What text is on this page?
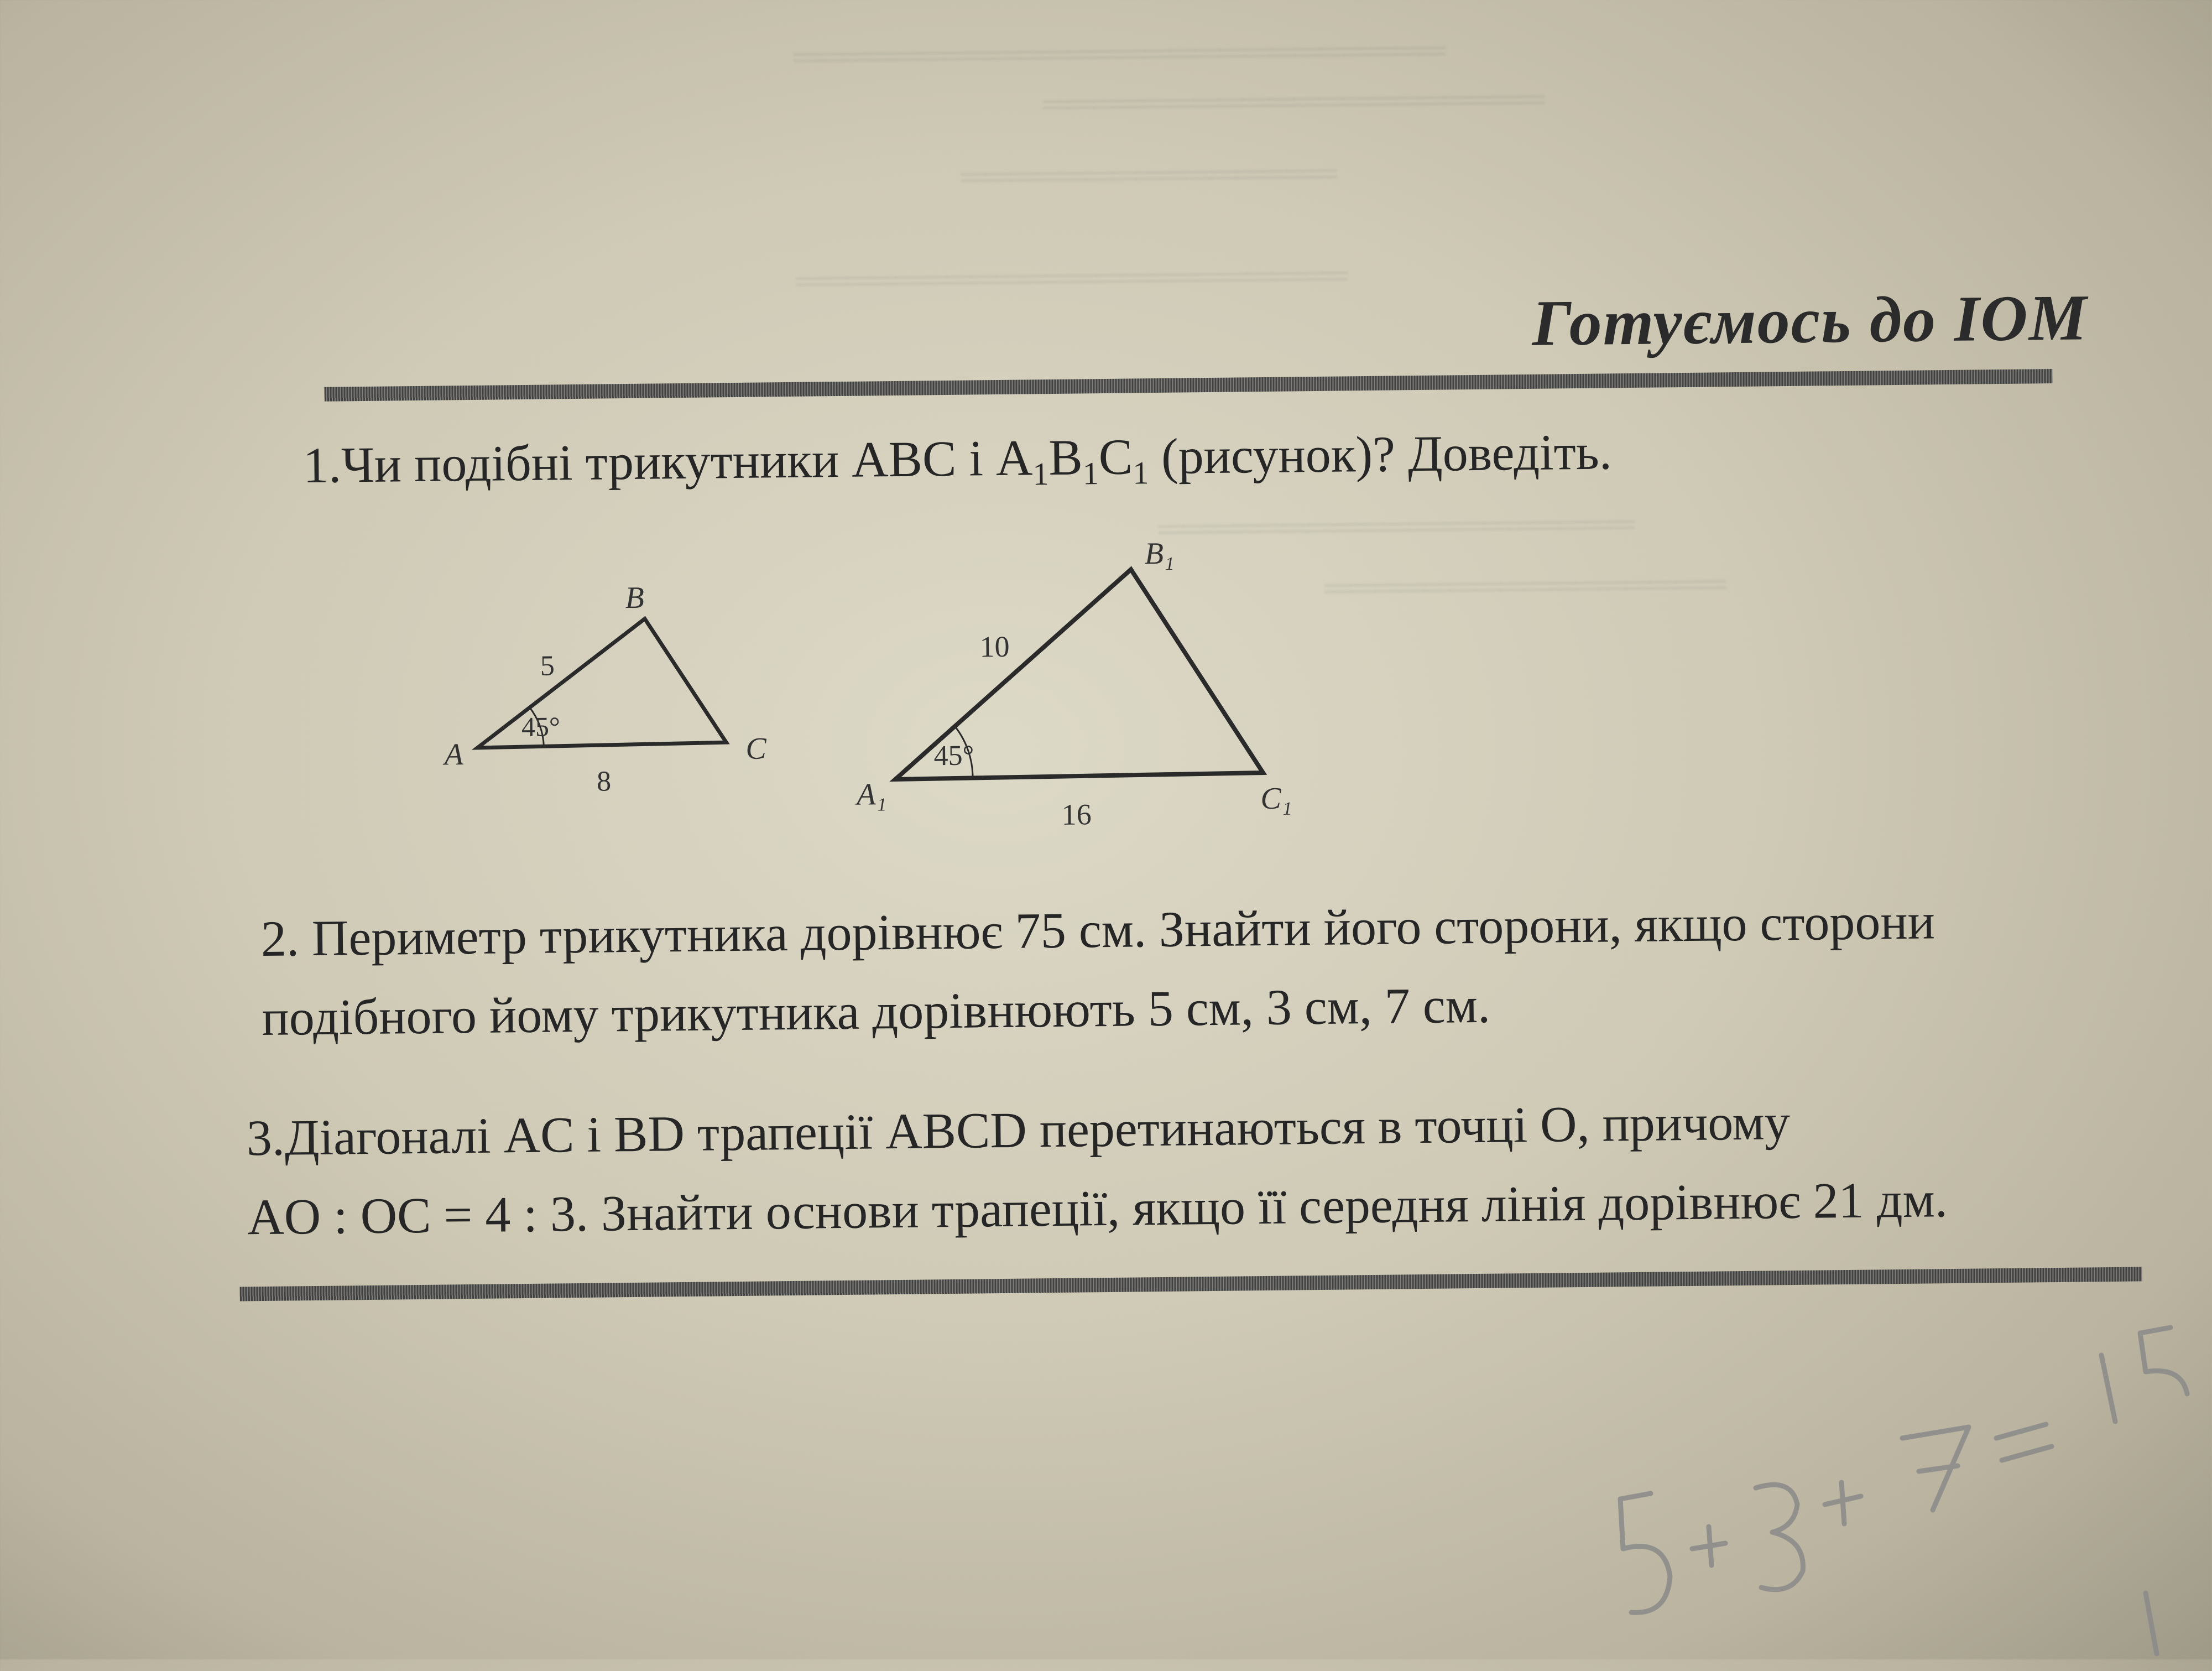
══════════════════════════
════════════════════
═══════════════
══════════════════════
═══════════════════
════════════════
Готуємось до ІОМ
1.Чи подібні трикутники ABC і $A_1B_1C_1$ (рисунок)? Доведіть.
B
A	C
5
8
45°
B₁
A₁	C₁
10
16
45°
2. Периметр трикутника дорівнює 75 см. Знайти його сторони, якщо сторони
подібного йому трикутника дорівнюють 5 см, 3 см, 7 см.
3.Діагоналі AC і BD трапеції ABCD перетинаються в точці O, причому
AO : OC = 4 : 3. Знайти основи трапеції, якщо її середня лінія дорівнює 21 дм.
